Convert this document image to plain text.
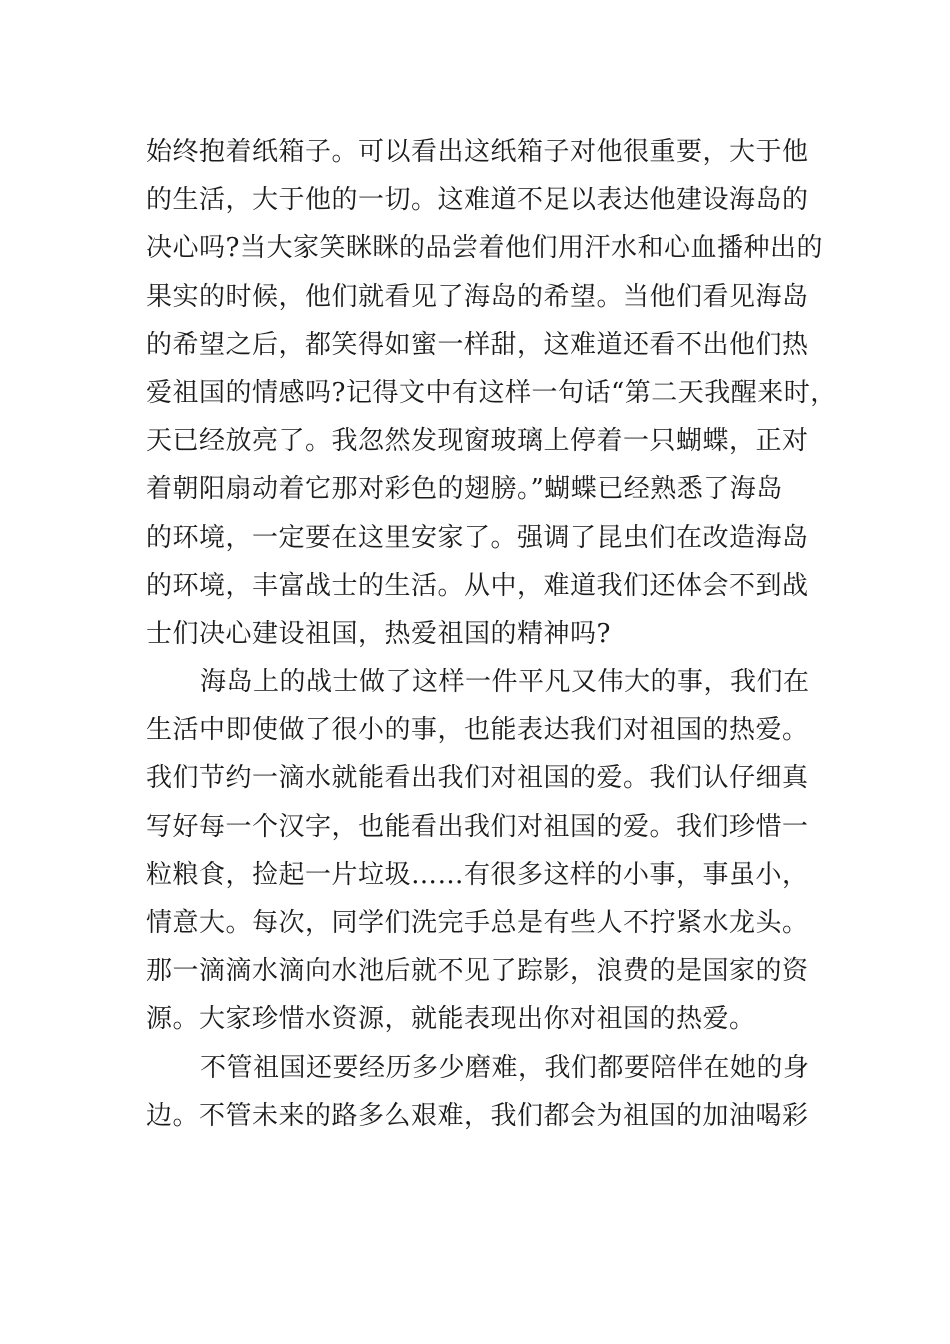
始终抱着纸箱子。可以看出这纸箱子对他很重要，大于他
的生活，大于他的一切。这难道不足以表达他建设海岛的
决心吗?当大家笑眯眯的品尝着他们用汗水和心血播种出的
果实的时候，他们就看见了海岛的希望。当他们看见海岛
的希望之后，都笑得如蜜一样甜，这难道还看不出他们热
爱祖国的情感吗?记得文中有这样一句话“第二天我醒来时，
天已经放亮了。我忽然发现窗玻璃上停着一只蝴蝶，正对
着朝阳扇动着它那对彩色的翅膀。”蝴蝶已经熟悉了海岛
的环境，一定要在这里安家了。强调了昆虫们在改造海岛
的环境，丰富战士的生活。从中，难道我们还体会不到战
士们决心建设祖国，热爱祖国的精神吗?
海岛上的战士做了这样一件平凡又伟大的事，我们在
生活中即使做了很小的事，也能表达我们对祖国的热爱。
我们节约一滴水就能看出我们对祖国的爱。我们认仔细真
写好每一个汉字，也能看出我们对祖国的爱。我们珍惜一
粒粮食，捡起一片垃圾……有很多这样的小事，事虽小，
情意大。每次，同学们洗完手总是有些人不拧紧水龙头。
那一滴滴水滴向水池后就不见了踪影，浪费的是国家的资
源。大家珍惜水资源，就能表现出你对祖国的热爱。
不管祖国还要经历多少磨难，我们都要陪伴在她的身
边。不管未来的路多么艰难，我们都会为祖国的加油喝彩
